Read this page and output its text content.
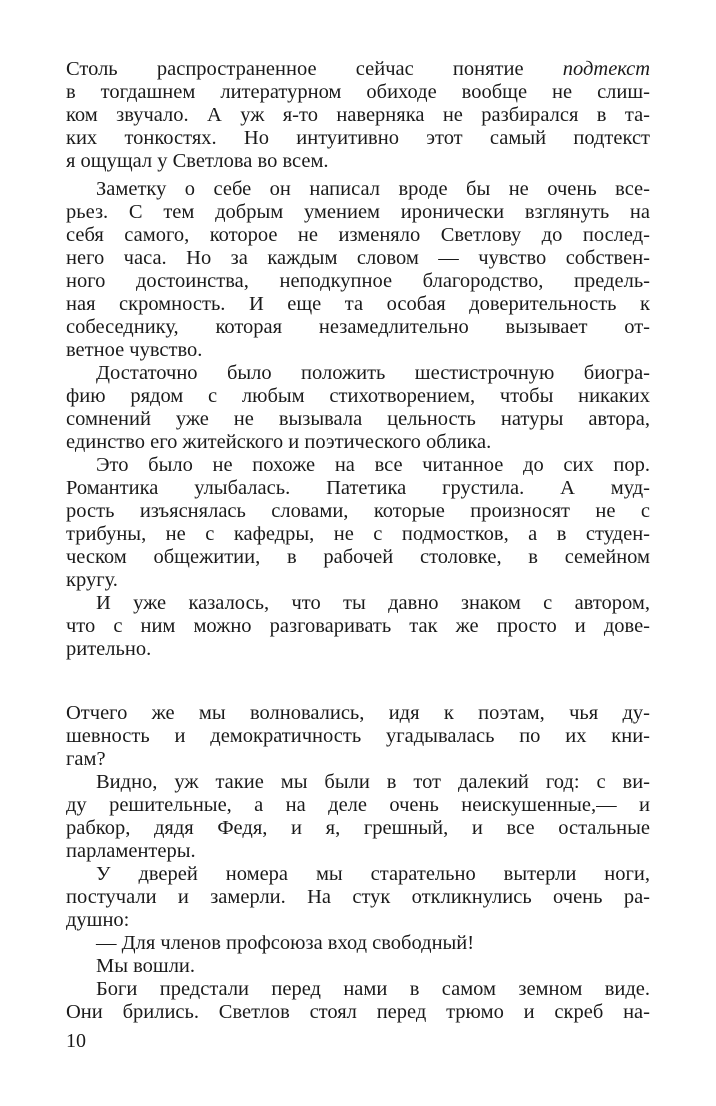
Столь распространенное сейчас понятие подтекст
в тогдашнем литературном обиходе вообще не слиш-
ком звучало. А уж я-то наверняка не разбирался в та-
ких тонкостях. Но интуитивно этот самый подтекст
я ощущал у Светлова во всем.
Заметку о себе он написал вроде бы не очень все-
рьез. С тем добрым умением иронически взглянуть на
себя самого, которое не изменяло Светлову до послед-
него часа. Но за каждым словом — чувство собствен-
ного достоинства, неподкупное благородство, предель-
ная скромность. И еще та особая доверительность к
собеседнику, которая незамедлительно вызывает от-
ветное чувство.
Достаточно было положить шестистрочную биогра-
фию рядом с любым стихотворением, чтобы никаких
сомнений уже не вызывала цельность натуры автора,
единство его житейского и поэтического облика.
Это было не похоже на все читанное до сих пор.
Романтика улыбалась. Патетика грустила. А муд-
рость изъяснялась словами, которые произносят не с
трибуны, не с кафедры, не с подмостков, а в студен-
ческом общежитии, в рабочей столовке, в семейном
кругу.
И уже казалось, что ты давно знаком с автором,
что с ним можно разговаривать так же просто и дове-
рительно.
Отчего же мы волновались, идя к поэтам, чья ду-
шевность и демократичность угадывалась по их кни-
гам?
Видно, уж такие мы были в тот далекий год: с ви-
ду решительные, а на деле очень неискушенные,— и
рабкор, дядя Федя, и я, грешный, и все остальные
парламентеры.
У дверей номера мы старательно вытерли ноги,
постучали и замерли. На стук откликнулись очень ра-
душно:
— Для членов профсоюза вход свободный!
Мы вошли.
Боги предстали перед нами в самом земном виде.
Они брились. Светлов стоял перед трюмо и скреб на-
10
